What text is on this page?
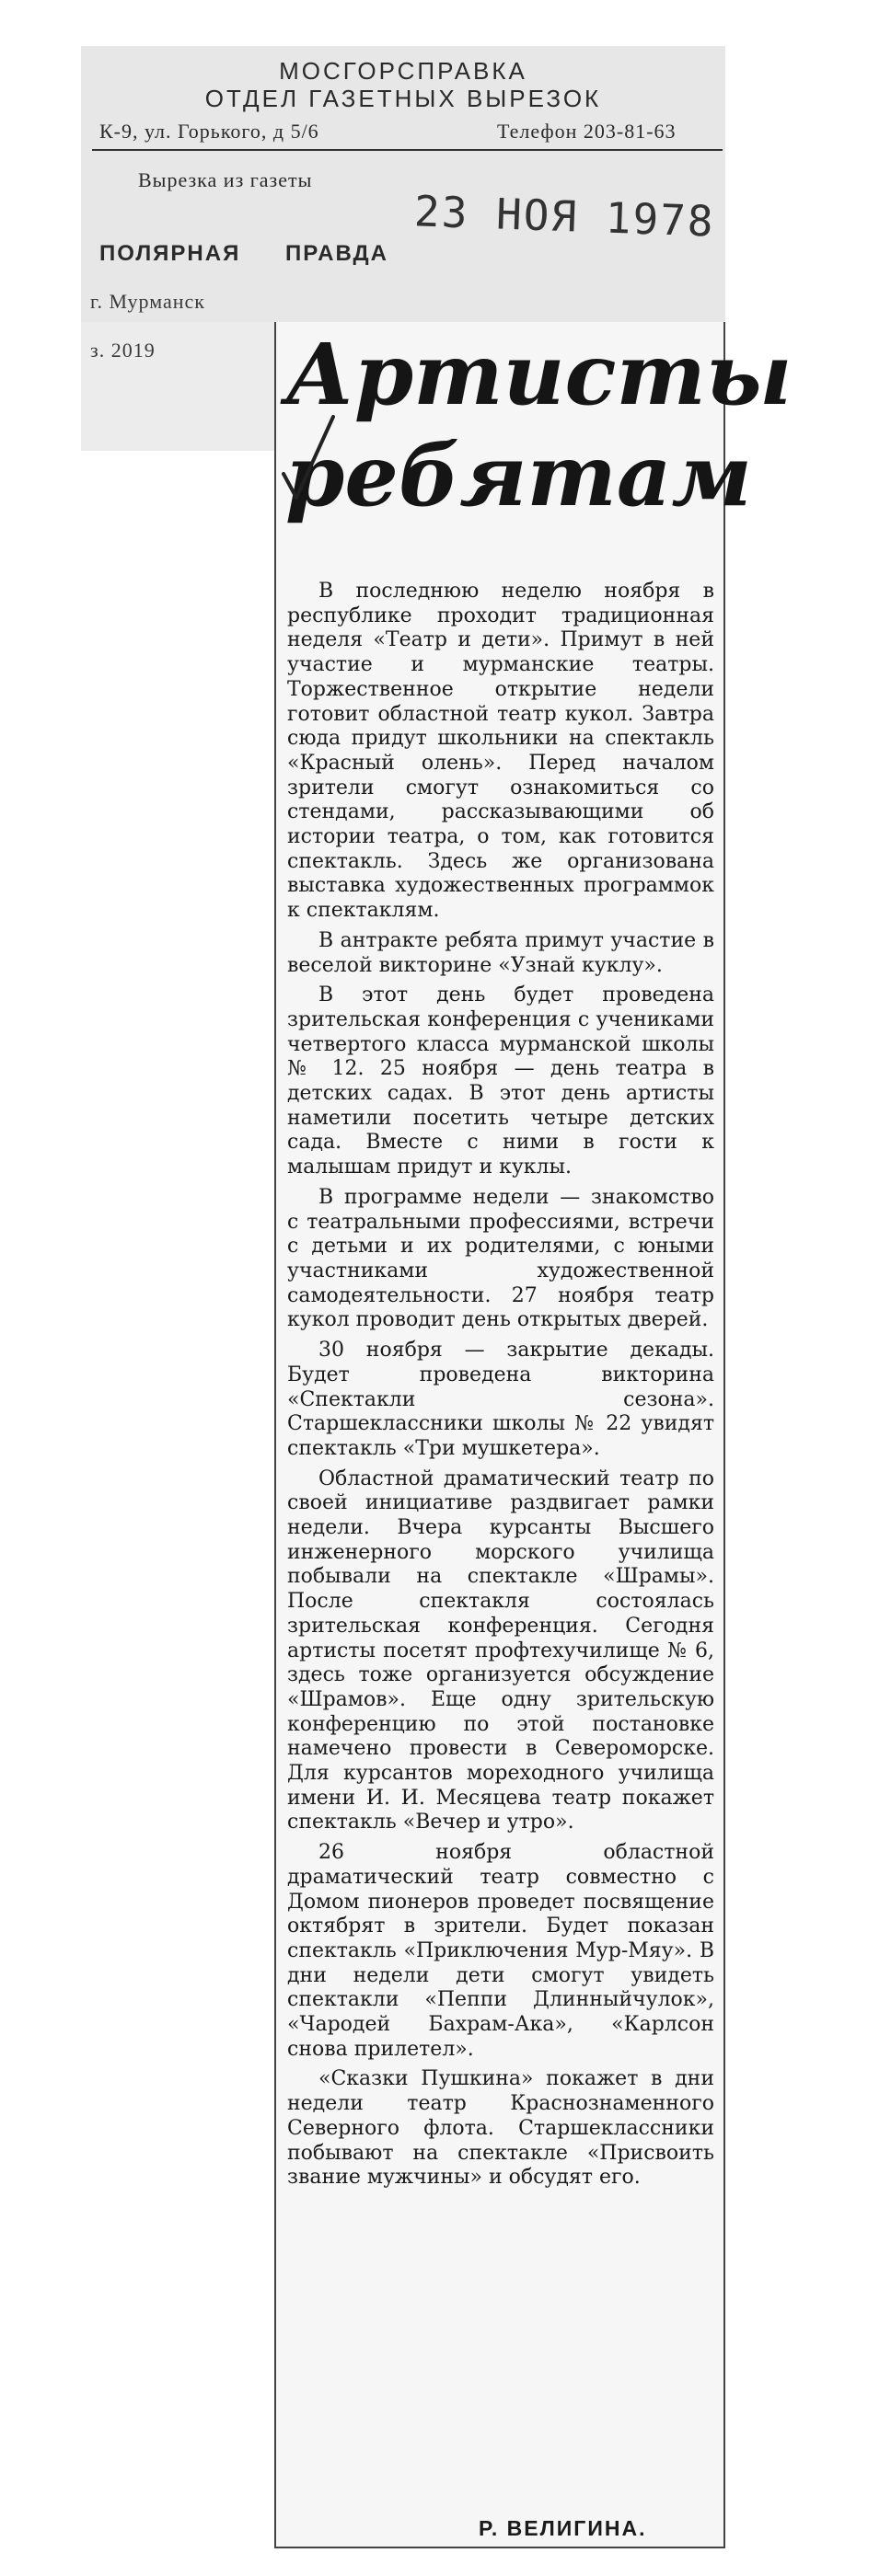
МОСГОРСПРАВКА
ОТДЕЛ ГАЗЕТНЫХ ВЫРЕЗОК
К-9, ул. Горького, д 5/6	Телефон 203-81-63
Вырезка из газеты
23 НОЯ 1978
ПОЛЯРНАЯ ПРАВДА
г. Мурманск
з. 2019 Артисты
ребятам

В последнюю неделю ноября в республике проходит традиционная неделя «Театр и дети». Примут в ней участие и мурманские театры. Торжественное открытие недели готовит областной театр кукол. Завтра сюда придут школьники на спектакль «Красный олень». Перед началом зрители смогут ознакомиться со стендами, рассказывающими об истории театра, о том, как готовится спектакль. Здесь же организована выставка художественных программок к спектаклям.

В антракте ребята примут участие в веселой викторине «Узнай куклу».

В этот день будет проведена зрительская конференция с учениками четвертого класса мурманской школы № 12. 25 ноября — день театра в детских садах. В этот день артисты наметили посетить четыре детских сада. Вместе с ними в гости к малышам придут и куклы.

В программе недели — знакомство с театральными профессиями, встречи с детьми и их родителями, с юными участниками художественной самодеятельности. 27 ноября театр кукол проводит день открытых дверей.

30 ноября — закрытие декады. Будет проведена викторина «Спектакли сезона». Старшеклассники школы № 22 увидят спектакль «Три мушкетера».

Областной драматический театр по своей инициативе раздвигает рамки недели. Вчера курсанты Высшего инженерного морского училища побывали на спектакле «Шрамы». После спектакля состоялась зрительская конференция. Сегодня артисты посетят профтехучилище № 6, здесь тоже организуется обсуждение «Шрамов». Еще одну зрительскую конференцию по этой постановке намечено провести в Североморске. Для курсантов мореходного училища имени И. И. Месяцева театр покажет спектакль «Вечер и утро».

26 ноября областной драматический театр совместно с Домом пионеров проведет посвящение октябрят в зрители. Будет показан спектакль «Приключения Мур-Мяу». В дни недели дети смогут увидеть спектакли «Пеппи Длинныйчулок», «Чародей Бахрам-Ака», «Карлсон снова прилетел».

«Сказки Пушкина» покажет в дни недели театр Краснознаменного Северного флота. Старшеклассники побывают на спектакле «Присвоить звание мужчины» и обсудят его.

Р. ВЕЛИГИНА.
